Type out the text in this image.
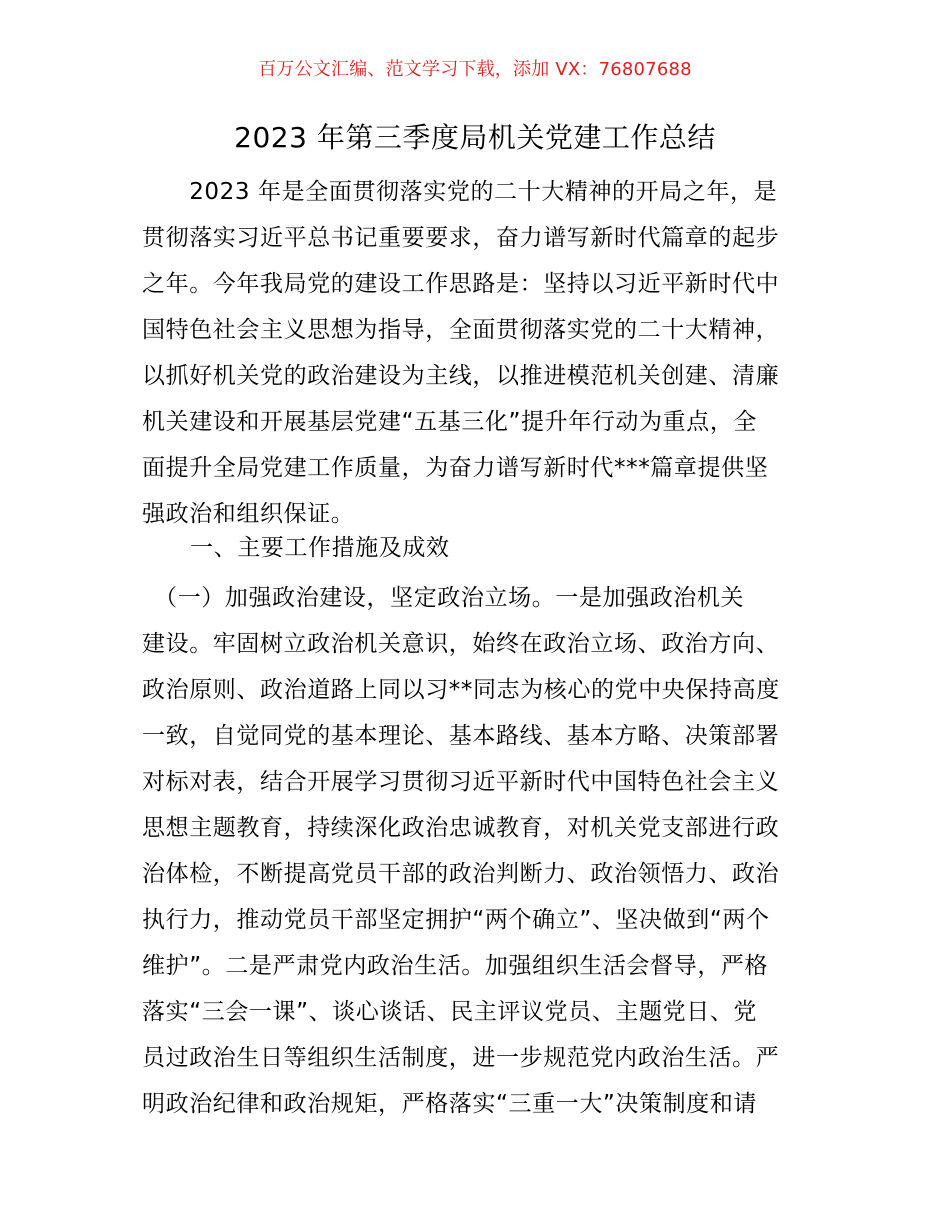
百万公文汇编、范文学习下载，添加 VX：76807688
2023 年第三季度局机关党建工作总结
　　2023 年是全面贯彻落实党的二十大精神的开局之年，是
贯彻落实习近平总书记重要要求，奋力谱写新时代篇章的起步
之年。今年我局党的建设工作思路是：坚持以习近平新时代中
国特色社会主义思想为指导，全面贯彻落实党的二十大精神，
以抓好机关党的政治建设为主线，以推进模范机关创建、清廉
机关建设和开展基层党建“五基三化”提升年行动为重点，全
面提升全局党建工作质量，为奋力谱写新时代***篇章提供坚
强政治和组织保证。
一、主要工作措施及成效
　（一）加强政治建设，坚定政治立场。一是加强政治机关
建设。牢固树立政治机关意识，始终在政治立场、政治方向、
政治原则、政治道路上同以习**同志为核心的党中央保持高度
一致，自觉同党的基本理论、基本路线、基本方略、决策部署
对标对表，结合开展学习贯彻习近平新时代中国特色社会主义
思想主题教育，持续深化政治忠诚教育，对机关党支部进行政
治体检，不断提高党员干部的政治判断力、政治领悟力、政治
执行力，推动党员干部坚定拥护“两个确立”、坚决做到“两个
维护”。二是严肃党内政治生活。加强组织生活会督导，严格
落实“三会一课”、谈心谈话、民主评议党员、主题党日、党
员过政治生日等组织生活制度，进一步规范党内政治生活。严
明政治纪律和政治规矩，严格落实“三重一大”决策制度和请
